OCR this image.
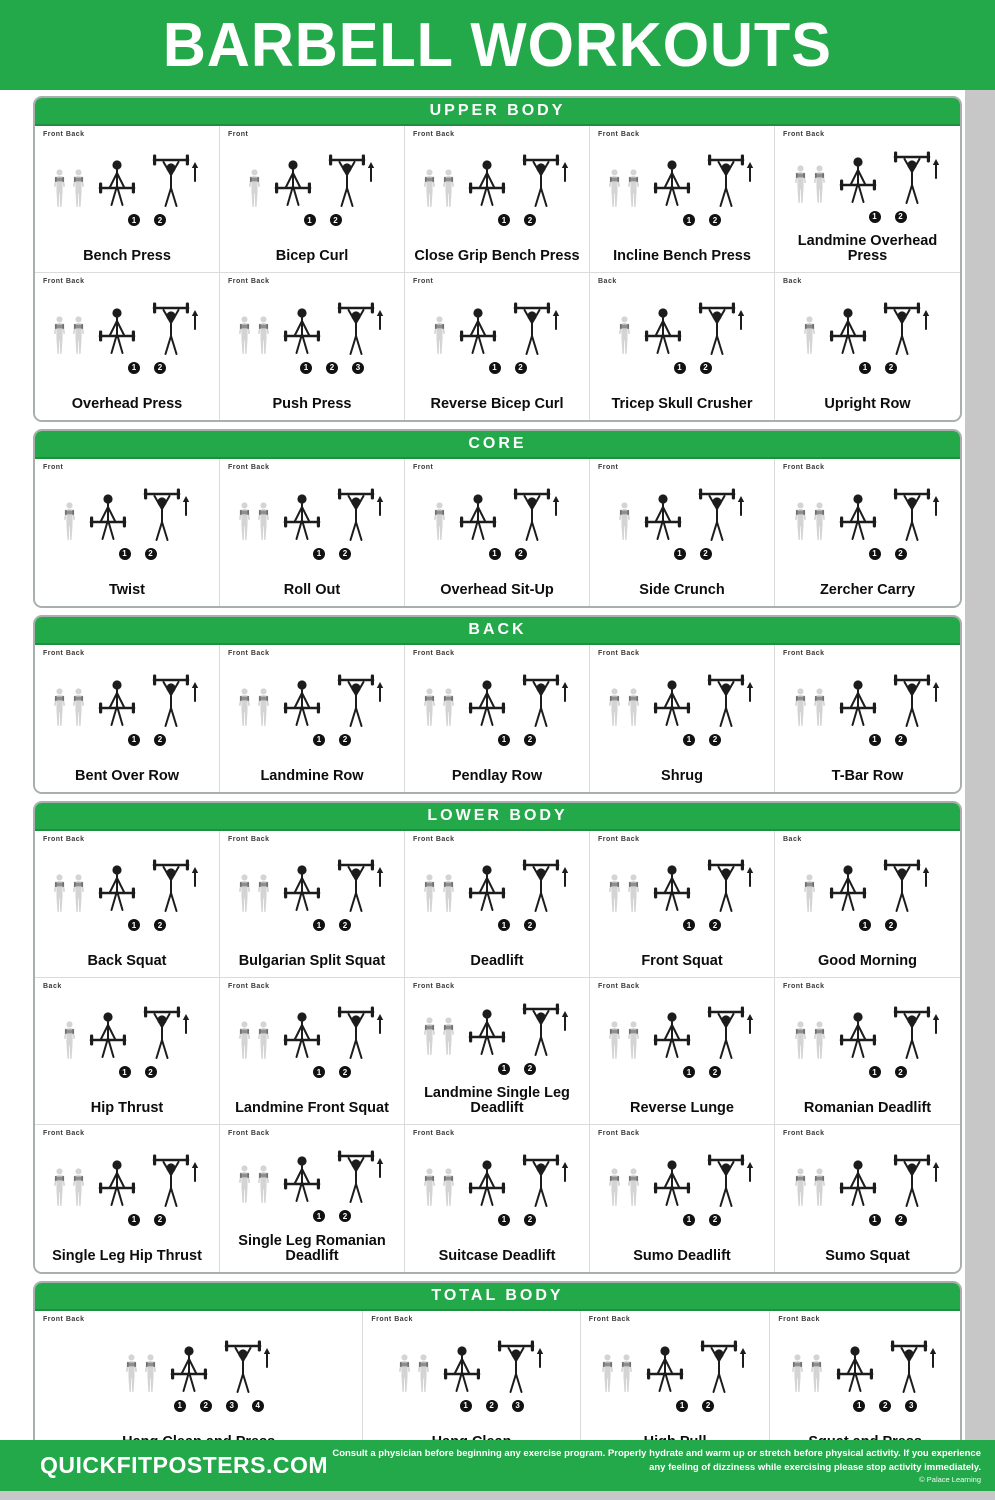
BARBELL WORKOUTS
UPPER BODY
Front Back
1	2
Bench Press
Front
1	2
Bicep Curl
Front Back
1	2
Close Grip Bench Press
Front Back
1	2
Incline Bench Press
Front Back
1	2
Landmine Overhead Press
Front Back
1	2
Overhead Press
Front Back
1	2	3
Push Press
Front
1	2
Reverse Bicep Curl
Back
1	2
Tricep Skull Crusher
Back
1	2
Upright Row
CORE
Front
1	2
Twist
Front Back
1	2
Roll Out
Front
1	2
Overhead Sit-Up
Front
1	2
Side Crunch
Front Back
1	2
Zercher Carry
BACK
Front Back
1	2
Bent Over Row
Front Back
1	2
Landmine Row
Front Back
1	2
Pendlay Row
Front Back
1	2
Shrug
Front Back
1	2
T-Bar Row
LOWER BODY
Front Back
1	2
Back Squat
Front Back
1	2
Bulgarian Split Squat
Front Back
1	2
Deadlift
Front Back
1	2
Front Squat
Back
1	2
Good Morning
Back
1	2
Hip Thrust
Front Back
1	2
Landmine Front Squat
Front Back
1	2
Landmine Single Leg Deadlift
Front Back
1	2
Reverse Lunge
Front Back
1	2
Romanian Deadlift
Front Back
1	2
Single Leg Hip Thrust
Front Back
1	2
Single Leg Romanian Deadlift
Front Back
1	2
Suitcase Deadlift
Front Back
1	2
Sumo Deadlift
Front Back
1	2
Sumo Squat
TOTAL BODY
Front Back
1	2	3	4
Front Back
1	2	3
Front Back
1	2
Front Back
1	2	3
QUICKFITPOSTERS.COM Consult a physician before beginning any exercise program. Properly hydrate and warm up or stretch before physical activity. If you experience any feeling of dizziness while exercising please stop activity immediately.
© Palace Learning
